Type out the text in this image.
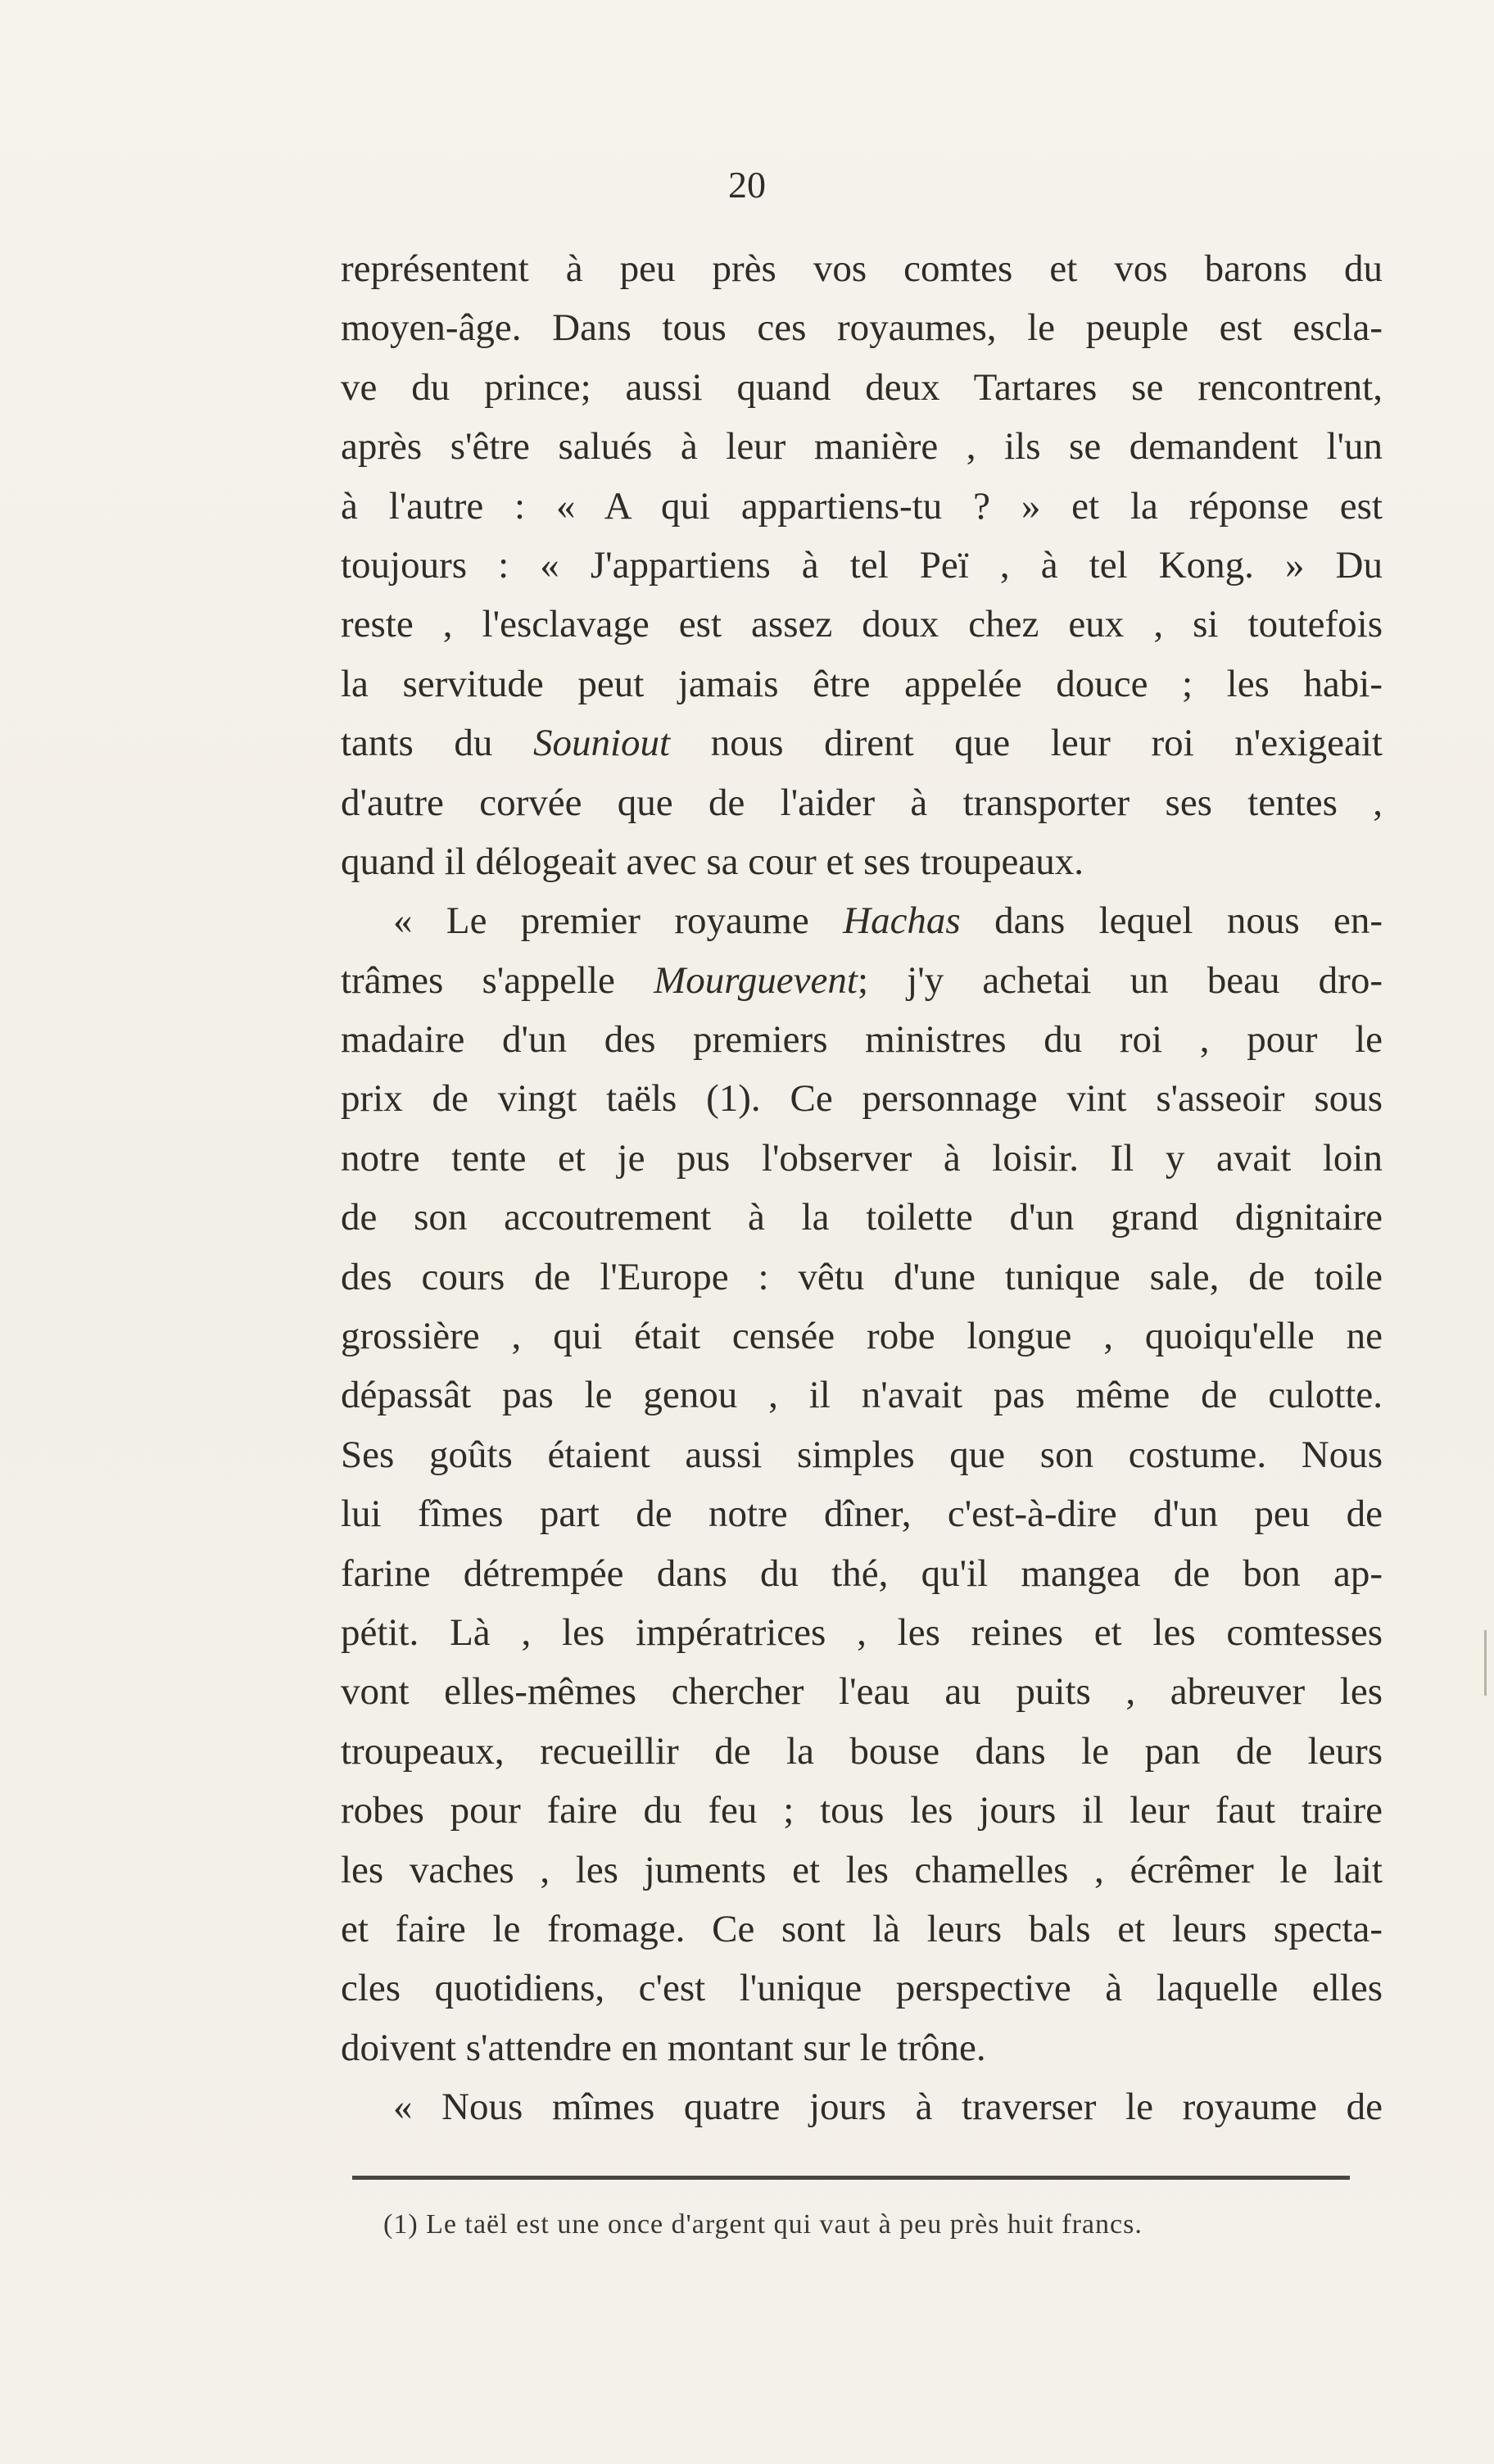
20
représentent à peu près vos comtes et vos barons du
moyen-âge. Dans tous ces royaumes, le peuple est escla-
ve du prince; aussi quand deux Tartares se rencontrent,
après s'être salués à leur manière , ils se demandent l'un
à l'autre : « A qui appartiens-tu ? » et la réponse est
toujours : « J'appartiens à tel Peï , à tel Kong. » Du
reste , l'esclavage est assez doux chez eux , si toutefois
la servitude peut jamais être appelée douce ; les habi-
tants du Souniout nous dirent que leur roi n'exigeait
d'autre corvée que de l'aider à transporter ses tentes ,
quand il délogeait avec sa cour et ses troupeaux.
« Le premier royaume Hachas dans lequel nous en-
trâmes s'appelle Mourguevent; j'y achetai un beau dro-
madaire d'un des premiers ministres du roi , pour le
prix de vingt taëls (1). Ce personnage vint s'asseoir sous
notre tente et je pus l'observer à loisir. Il y avait loin
de son accoutrement à la toilette d'un grand dignitaire
des cours de l'Europe : vêtu d'une tunique sale, de toile
grossière , qui était censée robe longue , quoiqu'elle ne
dépassât pas le genou , il n'avait pas même de culotte.
Ses goûts étaient aussi simples que son costume. Nous
lui fîmes part de notre dîner, c'est-à-dire d'un peu de
farine détrempée dans du thé, qu'il mangea de bon ap-
pétit. Là , les impératrices , les reines et les comtesses
vont elles-mêmes chercher l'eau au puits , abreuver les
troupeaux, recueillir de la bouse dans le pan de leurs
robes pour faire du feu ; tous les jours il leur faut traire
les vaches , les juments et les chamelles , écrêmer le lait
et faire le fromage. Ce sont là leurs bals et leurs specta-
cles quotidiens, c'est l'unique perspective à laquelle elles
doivent s'attendre en montant sur le trône.
« Nous mîmes quatre jours à traverser le royaume de
(1) Le taël est une once d'argent qui vaut à peu près huit francs.
